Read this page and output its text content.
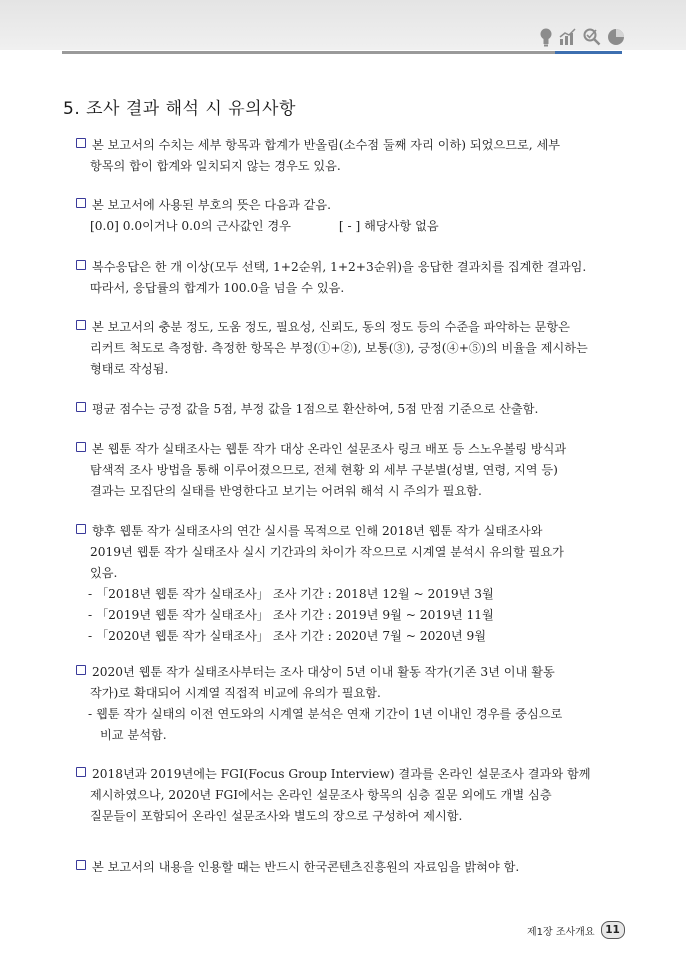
5. 조사 결과 해석 시 유의사항
본 보고서의 수치는 세부 항목과 합계가 반올림(소수점 둘째 자리 이하) 되었으므로, 세부
항목의 합이 합계와 일치되지 않는 경우도 있음.
본 보고서에 사용된 부호의 뜻은 다음과 같음.
[0.0] 0.0이거나 0.0의 근사값인 경우	[ - ] 해당사항 없음
복수응답은 한 개 이상(모두 선택, 1+2순위, 1+2+3순위)을 응답한 결과치를 집계한 결과임.
따라서, 응답률의 합계가 100.0을 넘을 수 있음.
본 보고서의 충분 정도, 도움 정도, 필요성, 신뢰도, 동의 정도 등의 수준을 파악하는 문항은
리커트 척도로 측정함. 측정한 항목은 부정(①+②), 보통(③), 긍정(④+⑤)의 비율을 제시하는
형태로 작성됨.
평균 점수는 긍정 값을 5점, 부정 값을 1점으로 환산하여, 5점 만점 기준으로 산출함.
본 웹툰 작가 실태조사는 웹툰 작가 대상 온라인 설문조사 링크 배포 등 스노우볼링 방식과
탐색적 조사 방법을 통해 이루어졌으므로, 전체 현황 외 세부 구분별(성별, 연령, 지역 등)
결과는 모집단의 실태를 반영한다고 보기는 어려워 해석 시 주의가 필요함.
향후 웹툰 작가 실태조사의 연간 실시를 목적으로 인해 2018년 웹툰 작가 실태조사와
2019년 웹툰 작가 실태조사 실시 기간과의 차이가 작으므로 시계열 분석시 유의할 필요가
있음.
- 「2018년 웹툰 작가 실태조사」 조사 기간 : 2018년 12월 ~ 2019년 3월
- 「2019년 웹툰 작가 실태조사」 조사 기간 : 2019년 9월 ~ 2019년 11월
- 「2020년 웹툰 작가 실태조사」 조사 기간 : 2020년 7월 ~ 2020년 9월
2020년 웹툰 작가 실태조사부터는 조사 대상이 5년 이내 활동 작가(기존 3년 이내 활동
작가)로 확대되어 시계열 직접적 비교에 유의가 필요함.
- 웹툰 작가 실태의 이전 연도와의 시계열 분석은 연재 기간이 1년 이내인 경우를 중심으로
비교 분석함.
2018년과 2019년에는 FGI(Focus Group Interview) 결과를 온라인 설문조사 결과와 함께
제시하였으나, 2020년 FGI에서는 온라인 설문조사 항목의 심층 질문 외에도 개별 심층
질문들이 포함되어 온라인 설문조사와 별도의 장으로 구성하여 제시함.
본 보고서의 내용을 인용할 때는 반드시 한국콘텐츠진흥원의 자료임을 밝혀야 함.
제1장 조사개요	11
